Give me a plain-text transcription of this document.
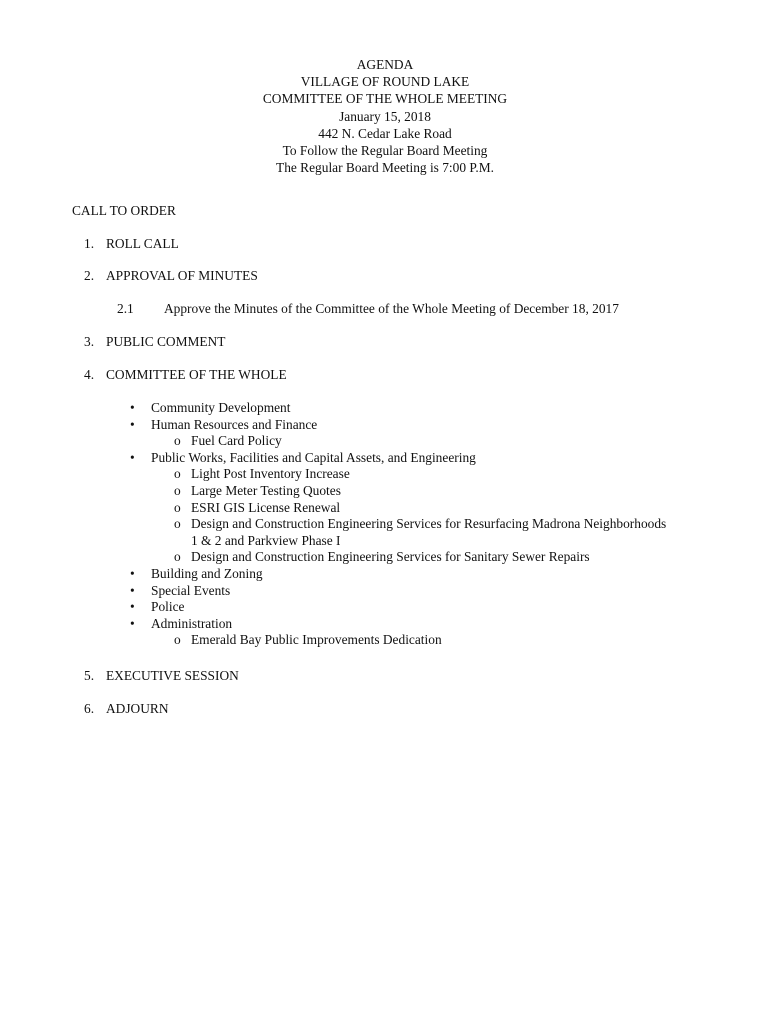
AGENDA
VILLAGE OF ROUND LAKE
COMMITTEE OF THE WHOLE MEETING
January 15, 2018
442 N. Cedar Lake Road
To Follow the Regular Board Meeting
The Regular Board Meeting is 7:00 P.M.
CALL TO ORDER
1. ROLL CALL
2. APPROVAL OF MINUTES
2.1 Approve the Minutes of the Committee of the Whole Meeting of December 18, 2017
3. PUBLIC COMMENT
4. COMMITTEE OF THE WHOLE
• Community Development
• Human Resources and Finance
o Fuel Card Policy
• Public Works, Facilities and Capital Assets, and Engineering
o Light Post Inventory Increase
o Large Meter Testing Quotes
o ESRI GIS License Renewal
o Design and Construction Engineering Services for Resurfacing Madrona Neighborhoods
1 & 2 and Parkview Phase I
o Design and Construction Engineering Services for Sanitary Sewer Repairs
• Building and Zoning
• Special Events
• Police
• Administration
o Emerald Bay Public Improvements Dedication
5. EXECUTIVE SESSION
6. ADJOURN
